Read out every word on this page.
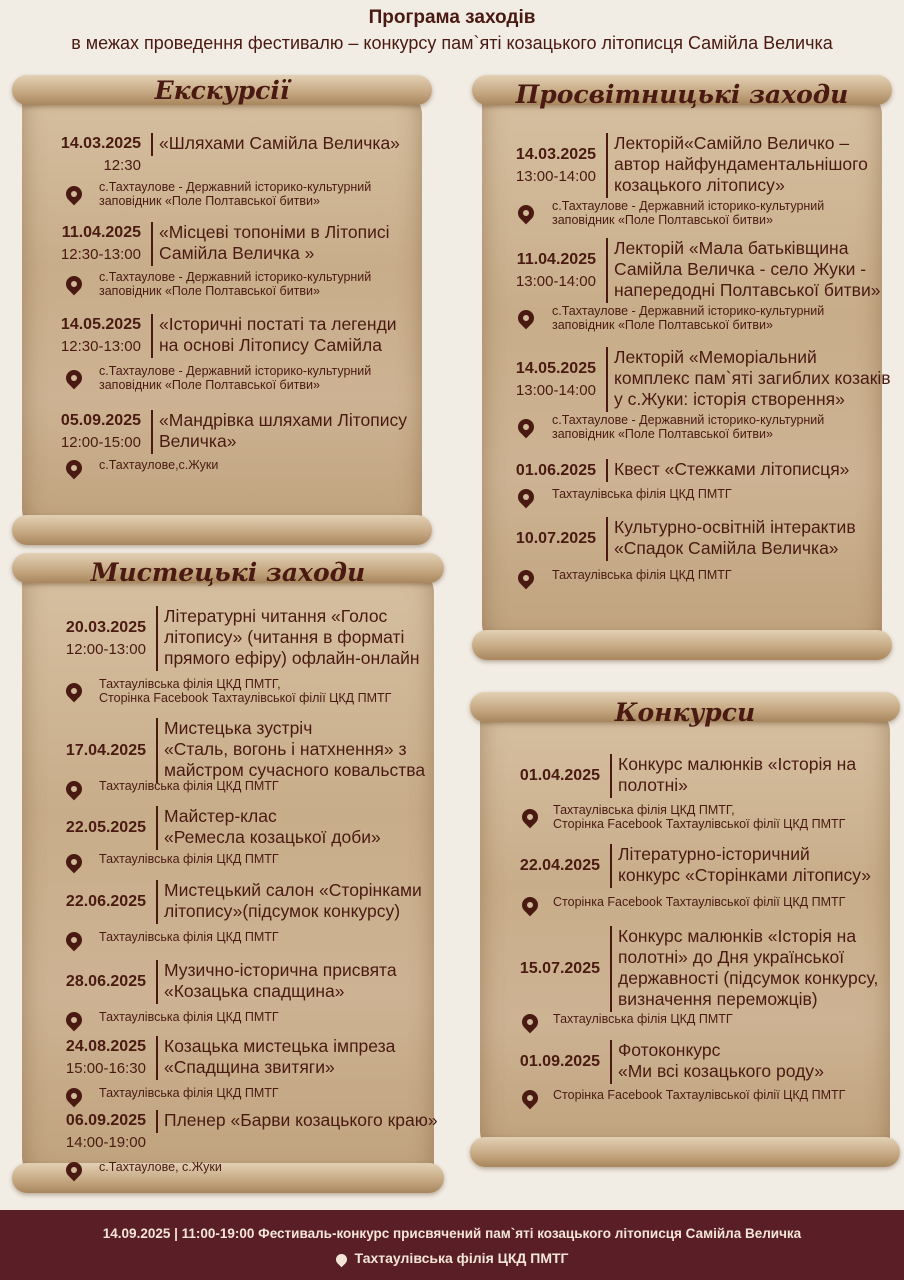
Програма заходів
в межах проведення фестивалю – конкурсу пам`яті козацького літописця Самійла Величка
Екскурсії	Просвітницькі заходи
Мистецькі заходи
Конкурси
14.03.2025
12:30
«Шляхами Самійла Величка»
с.Тахтаулове - Державний історико-культурний
заповідник «Поле Полтавської битви»
11.04.2025
12:30-13:00
«Місцеві топоніми в Літописі
Самійла Величка »
с.Тахтаулове - Державний історико-культурний
заповідник «Поле Полтавської битви»
14.05.2025
12:30-13:00
«Історичні постаті та легенди
на основі Літопису Самійла
с.Тахтаулове - Державний історико-культурний
заповідник «Поле Полтавської битви»
05.09.2025
12:00-15:00
«Мандрівка шляхами Літопису
Величка»
с.Тахтаулове,с.Жуки
14.03.2025
13:00-14:00
Лекторій«Самійло Величко –
автор найфундаментальнішого
козацького літопису»
с.Тахтаулове - Державний історико-культурний
заповідник «Поле Полтавської битви»
11.04.2025
13:00-14:00
Лекторій «Мала батьківщина
Самійла Величка - село Жуки -
напередодні Полтавської битви»
с.Тахтаулове - Державний історико-культурний
заповідник «Поле Полтавської битви»
14.05.2025
13:00-14:00
Лекторій «Меморіальний
комплекс пам`яті загиблих козаків
у с.Жуки: історія створення»
с.Тахтаулове - Державний історико-культурний
заповідник «Поле Полтавської битви»
01.06.2025 Квест «Стежками літописця»
Тахтаулівська філія ЦКД ПМТГ
10.07.2025
Культурно-освітній інтерактив
«Спадок Самійла Величка»
Тахтаулівська філія ЦКД ПМТГ
20.03.2025
12:00-13:00
Літературні читання «Голос
літопису» (читання в форматі
прямого ефіру) офлайн-онлайн
Тахтаулівська філія ЦКД ПМТГ,
Сторінка Facebook Тахтаулівської філії ЦКД ПМТГ
17.04.2025
Мистецька зустріч
«Сталь, вогонь і натхнення» з
майстром сучасного ковальства
Тахтаулівська філія ЦКД ПМТГ
22.05.2025
Майстер-клас
«Ремесла козацької доби»
Тахтаулівська філія ЦКД ПМТГ
22.06.2025
Мистецький салон «Сторінками
літопису»(підсумок конкурсу)
Тахтаулівська філія ЦКД ПМТГ
28.06.2025
Музично-історична присвята
«Козацька спадщина»
Тахтаулівська філія ЦКД ПМТГ
24.08.2025
15:00-16:30
Козацька мистецька імпреза
«Спадщина звитяги»
Тахтаулівська філія ЦКД ПМТГ
06.09.2025
14:00-19:00
Пленер «Барви козацького краю»
с.Тахтаулове, с.Жуки
01.04.2025
Конкурс малюнків «Історія на
полотні»
Тахтаулівська філія ЦКД ПМТГ,
Сторінка Facebook Тахтаулівської філії ЦКД ПМТГ
22.04.2025
Літературно-історичний
конкурс «Сторінками літопису»
Сторінка Facebook Тахтаулівської філії ЦКД ПМТГ
15.07.2025
Конкурс малюнків «Історія на
полотні» до Дня української
державності (підсумок конкурсу,
визначення переможців)
Тахтаулівська філія ЦКД ПМТГ
01.09.2025
Фотоконкурс
«Ми всі козацького роду»
Сторінка Facebook Тахтаулівської філії ЦКД ПМТГ
14.09.2025 | 11:00-19:00 Фестиваль-конкурс присвячений пам`яті козацького літописця Самійла Величка
Тахтаулівська філія ЦКД ПМТГ
